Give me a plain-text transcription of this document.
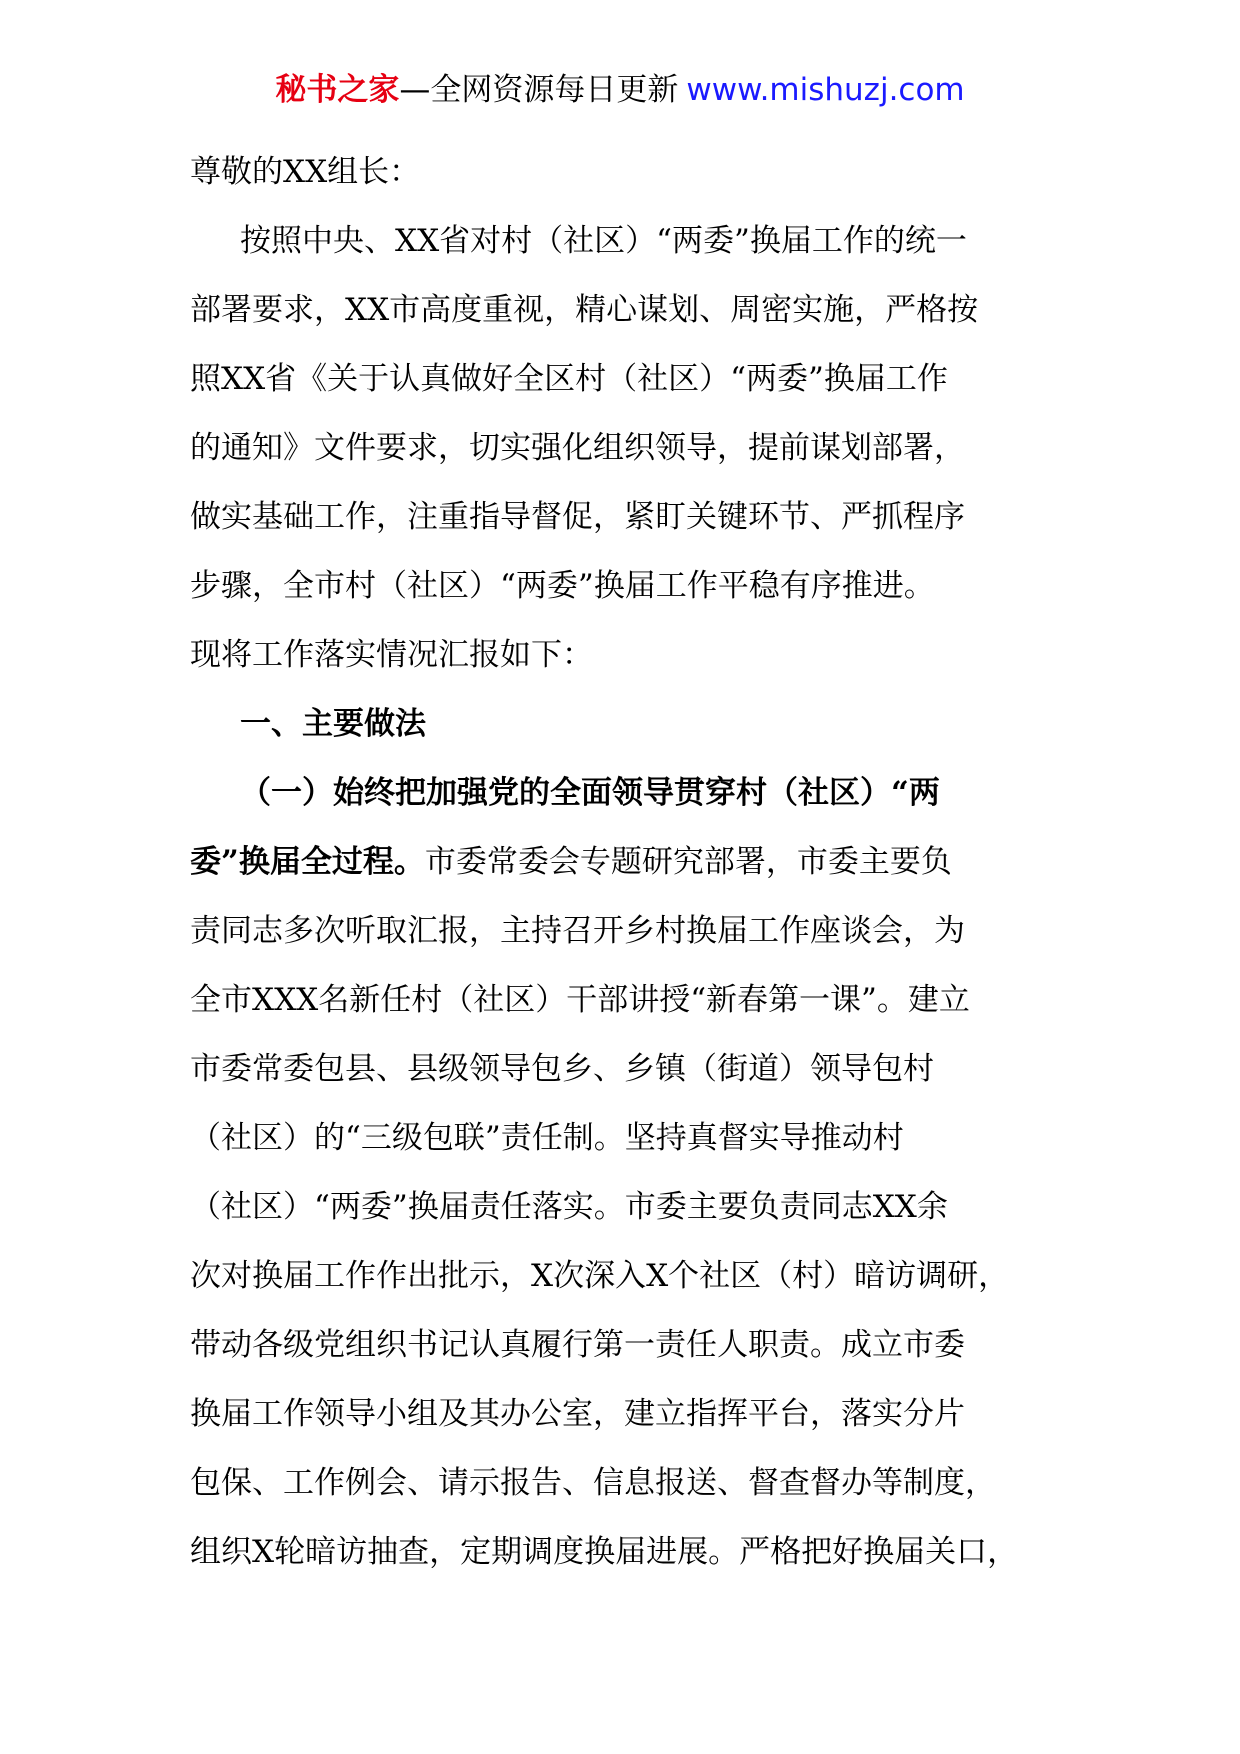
秘书之家—全网资源每日更新 www.mishuzj.com
尊敬的XX组长：
按照中央、XX省对村（社区）“两委”换届工作的统一
部署要求，XX市高度重视，精心谋划、周密实施，严格按
照XX省《关于认真做好全区村（社区）“两委”换届工作
的通知》文件要求，切实强化组织领导，提前谋划部署，
做实基础工作，注重指导督促，紧盯关键环节、严抓程序
步骤，全市村（社区）“两委”换届工作平稳有序推进。
现将工作落实情况汇报如下：
一、主要做法
（一）始终把加强党的全面领导贯穿村（社区）“两
委”换届全过程。市委常委会专题研究部署，市委主要负
责同志多次听取汇报，主持召开乡村换届工作座谈会，为
全市XXX名新任村（社区）干部讲授“新春第一课”。建立
市委常委包县、县级领导包乡、乡镇（街道）领导包村
（社区）的“三级包联”责任制。坚持真督实导推动村
（社区）“两委”换届责任落实。市委主要负责同志XX余
次对换届工作作出批示，X次深入X个社区（村）暗访调研，
带动各级党组织书记认真履行第一责任人职责。成立市委
换届工作领导小组及其办公室，建立指挥平台，落实分片
包保、工作例会、请示报告、信息报送、督查督办等制度，
组织X轮暗访抽查，定期调度换届进展。严格把好换届关口，
